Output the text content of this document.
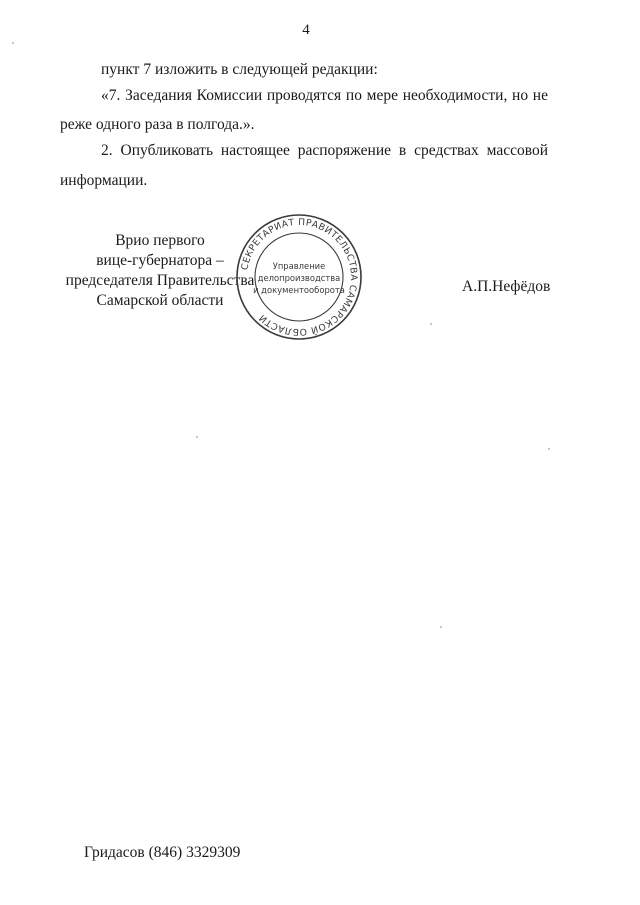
4
пункт 7 изложить в следующей редакции:
«7. Заседания Комиссии проводятся по мере необходимости, но не
реже одного раза в полгода.».
2. Опубликовать настоящее распоряжение в средствах массовой
информации.
Врио первого
вице-губернатора –
председателя Правительства
Самарской области
СЕКРЕТАРИАТ ПРАВИТЕЛЬСТВА САМАРСКОЙ ОБЛАСТИ
Управление
делопроизводства
и документооборота	А.П.Нефёдов
Гридасов (846) 3329309
